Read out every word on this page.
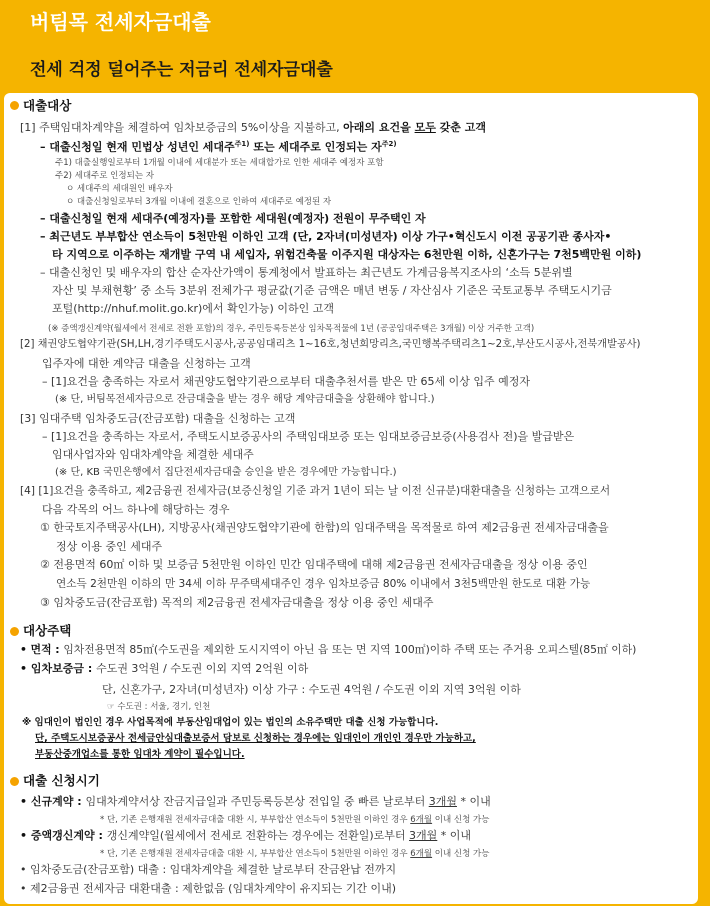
버팀목 전세자금대출
전세 걱정 덜어주는 저금리 전세자금대출
대출대상
[1] 주택임대차계약을 체결하여 임차보증금의 5%이상을 지불하고, 아래의 요건을 모두 갖춘 고객
– 대출신청일 현재 민법상 성년인 세대주$^{주1)}$ 또는 세대주로 인정되는 자$^{주2)}$
주1) 대출실행일로부터 1개월 이내에 세대분가 또는 세대합가로 인한 세대주 예정자 포함
주2) 세대주로 인정되는 자
ㅇ 세대주의 세대원인 배우자
ㅇ 대출신청일로부터 3개월 이내에 결혼으로 인하여 세대주로 예정된 자
– 대출신청일 현재 세대주(예정자)를 포함한 세대원(예정자) 전원이 무주택인 자
– 최근년도 부부합산 연소득이 5천만원 이하인 고객 (단, 2자녀(미성년자) 이상 가구•혁신도시 이전 공공기관 종사자•
타 지역으로 이주하는 재개발 구역 내 세입자, 위험건축물 이주지원 대상자는 6천만원 이하, 신혼가구는 7천5백만원 이하)
– 대출신청인 및 배우자의 합산 순자산가액이 통계청에서 발표하는 최근년도 가계금융복지조사의 ‘소득 5분위별
자산 및 부채현황’ 중 소득 3분위 전체가구 평균값(기준 금액은 매년 변동 / 자산심사 기준은 국토교통부 주택도시기금
포털(http://nhuf.molit.go.kr)에서 확인가능) 이하인 고객
(※ 증액갱신계약(월세에서 전세로 전환 포함)의 경우, 주민등록등본상 임차목적물에 1년 (공공임대주택은 3개월) 이상 거주한 고객)
[2] 채권양도협약기관(SH,LH,경기주택도시공사,공공임대리츠 1~16호,청년희망리츠,국민행복주택리츠1~2호,부산도시공사,전북개발공사)
입주자에 대한 계약금 대출을 신청하는 고객
– [1]요건을 충족하는 자로서 채권양도협약기관으로부터 대출추천서를 받은 만 65세 이상 입주 예정자
(※ 단, 버팀목전세자금으로 잔금대출을 받는 경우 해당 계약금대출을 상환해야 합니다.)
[3] 임대주택 임차중도금(잔금포함) 대출을 신청하는 고객
– [1]요건을 충족하는 자로서, 주택도시보증공사의 주택임대보증 또는 임대보증금보증(사용검사 전)을 발급받은
임대사업자와 임대차계약을 체결한 세대주
(※ 단, KB 국민은행에서 집단전세자금대출 승인을 받은 경우에만 가능합니다.)
[4] [1]요건을 충족하고, 제2금융권 전세자금(보증신청일 기준 과거 1년이 되는 날 이전 신규분)대환대출을 신청하는 고객으로서
다음 각목의 어느 하나에 해당하는 경우
① 한국토지주택공사(LH), 지방공사(채권양도협약기관에 한함)의 임대주택을 목적물로 하여 제2금융권 전세자금대출을
정상 이용 중인 세대주
② 전용면적 60㎡ 이하 및 보증금 5천만원 이하인 민간 임대주택에 대해 제2금융권 전세자금대출을 정상 이용 중인
연소득 2천만원 이하의 만 34세 이하 무주택세대주인 경우 임차보증금 80% 이내에서 3천5백만원 한도로 대환 가능
③ 임차중도금(잔금포함) 목적의 제2금융권 전세자금대출을 정상 이용 중인 세대주
대상주택
• 면적 : 임차전용면적 85㎡(수도권을 제외한 도시지역이 아닌 읍 또는 면 지역 100㎡)이하 주택 또는 주거용 오피스텔(85㎡ 이하)
• 임차보증금 : 수도권 3억원 / 수도권 이외 지역 2억원 이하
단, 신혼가구, 2자녀(미성년자) 이상 가구 : 수도권 4억원 / 수도권 이외 지역 3억원 이하
☞ 수도권 : 서울, 경기, 인천
※ 임대인이 법인인 경우 사업목적에 부동산임대업이 있는 법인의 소유주택만 대출 신청 가능합니다.
단, 주택도시보증공사 전세금안심대출보증서 담보로 신청하는 경우에는 임대인이 개인인 경우만 가능하고,
부동산중개업소를 통한 임대차 계약이 필수입니다.
대출 신청시기
• 신규계약 : 임대차계약서상 잔금지급일과 주민등록등본상 전입일 중 빠른 날로부터 3개월 * 이내
* 단, 기존 은행재원 전세자금대출 대환 시, 부부합산 연소득이 5천만원 이하인 경우 6개월 이내 신청 가능
• 증액갱신계약 : 갱신계약일(월세에서 전세로 전환하는 경우에는 전환일)로부터 3개월 * 이내
* 단, 기존 은행재원 전세자금대출 대환 시, 부부합산 연소득이 5천만원 이하인 경우 6개월 이내 신청 가능
• 임차중도금(잔금포함) 대출 : 임대차계약을 체결한 날로부터 잔금완납 전까지
• 제2금융권 전세자금 대환대출 : 제한없음 (임대차계약이 유지되는 기간 이내)
